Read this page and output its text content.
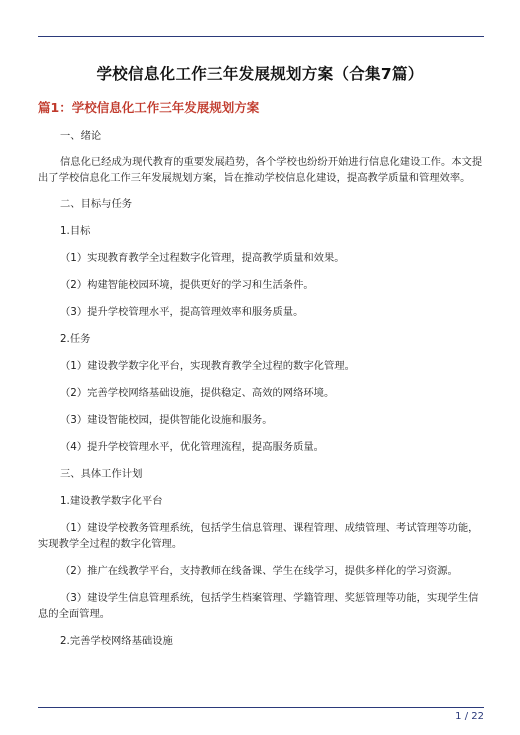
学校信息化工作三年发展规划方案（合集7篇）
篇1：学校信息化工作三年发展规划方案

一、绪论

信息化已经成为现代教育的重要发展趋势，各个学校也纷纷开始进行信息化建设工作。本文提出了学校信息化工作三年发展规划方案，旨在推动学校信息化建设，提高教学质量和管理效率。

二、目标与任务

1.目标

（1）实现教育教学全过程数字化管理，提高教学质量和效果。

（2）构建智能校园环境，提供更好的学习和生活条件。

（3）提升学校管理水平，提高管理效率和服务质量。

2.任务

（1）建设教学数字化平台，实现教育教学全过程的数字化管理。

（2）完善学校网络基础设施，提供稳定、高效的网络环境。

（3）建设智能校园，提供智能化设施和服务。

（4）提升学校管理水平，优化管理流程，提高服务质量。

三、具体工作计划

1.建设教学数字化平台

（1）建设学校教务管理系统，包括学生信息管理、课程管理、成绩管理、考试管理等功能，实现教学全过程的数字化管理。

（2）推广在线教学平台，支持教师在线备课、学生在线学习，提供多样化的学习资源。

（3）建设学生信息管理系统，包括学生档案管理、学籍管理、奖惩管理等功能，实现学生信息的全面管理。

2.完善学校网络基础设施

1 / 22
